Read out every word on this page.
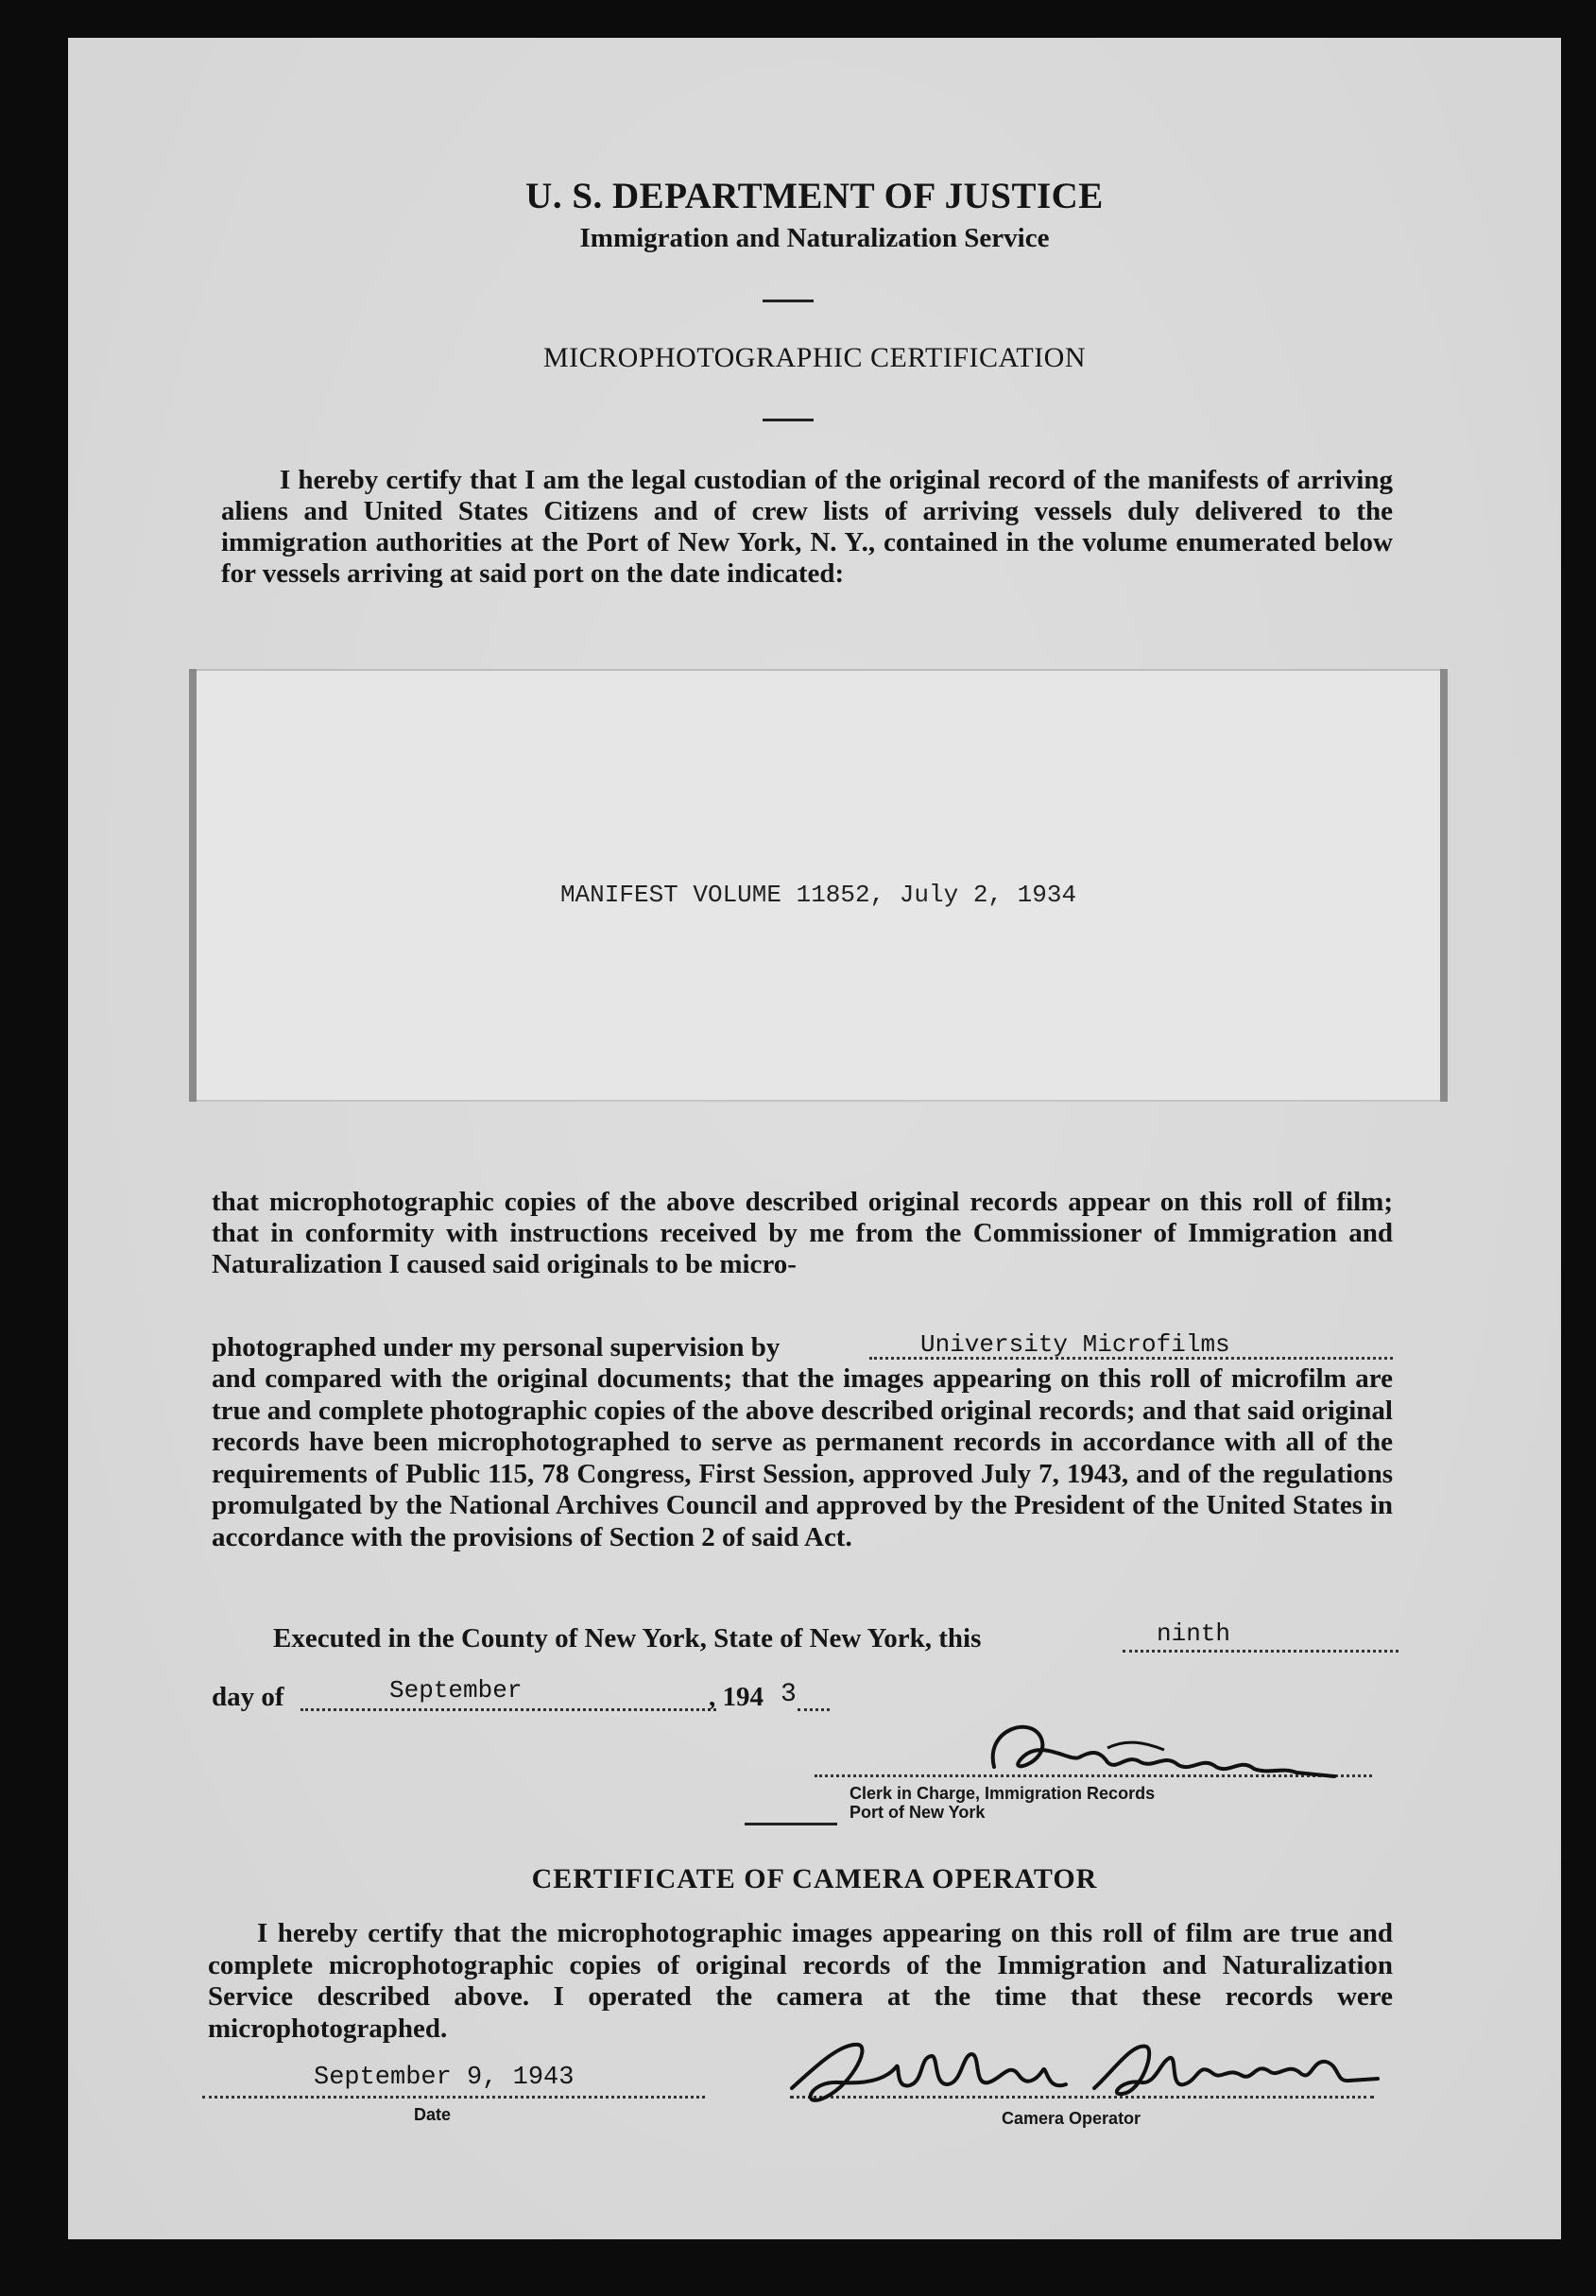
U. S. DEPARTMENT OF JUSTICE
Immigration and Naturalization Service
MICROPHOTOGRAPHIC CERTIFICATION
I hereby certify that I am the legal custodian of the original record of the manifests of arriving aliens and United States Citizens and of crew lists of arriving vessels duly delivered to the immigration authorities at the Port of New York, N. Y., contained in the volume enumerated below for vessels arriving at said port on the date indicated:
MANIFEST VOLUME 11852, July 2, 1934
that microphotographic copies of the above described original records appear on this roll of film; that in conformity with instructions received by me from the Commissioner of Immigration and Naturalization I caused said originals to be micro-
photographed under my personal supervision by	University Microfilms
and compared with the original documents; that the images appearing on this roll of microfilm are true and complete photographic copies of the above described original records; and that said original records have been microphotographed to serve as permanent records in accordance with all of the requirements of Public 115, 78 Congress, First Session, approved July 7, 1943, and of the regulations promulgated by the National Archives Council and approved by the President of the United States in accordance with the provisions of Section 2 of said Act.
Executed in the County of New York, State of New York, this	ninth
day of	September	, 194 3
Clerk in Charge, Immigration Records
Port of New York
CERTIFICATE OF CAMERA OPERATOR
I hereby certify that the microphotographic images appearing on this roll of film are true and complete microphotographic copies of original records of the Immigration and Naturalization Service described above. I operated the camera at the time that these records were microphotographed.
September 9, 1943
Date	Camera Operator
